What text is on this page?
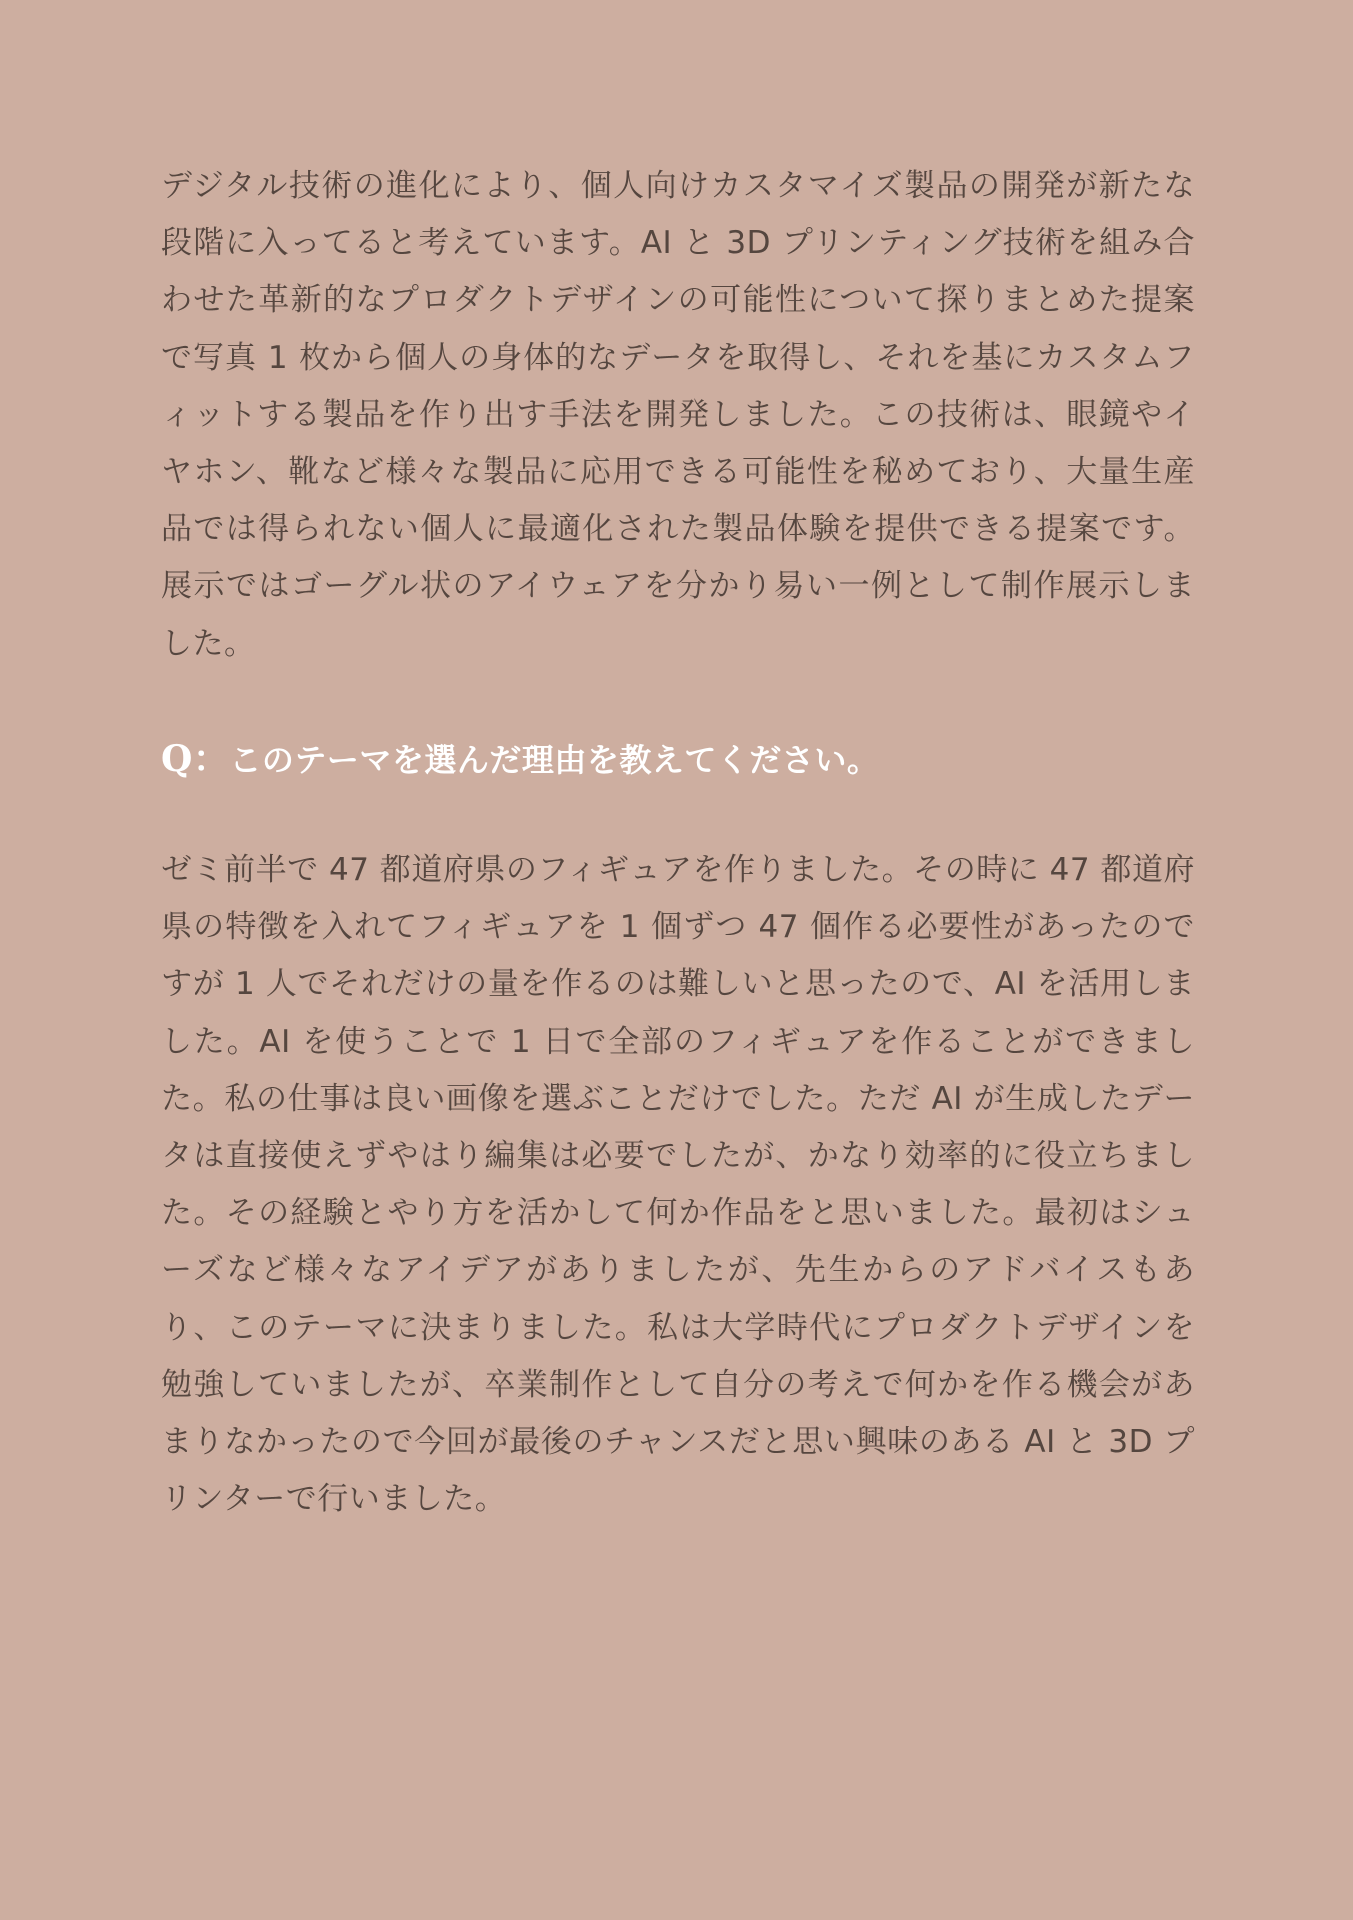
デジタル技術の進化により、個人向けカスタマイズ製品の開発が新たな段階に入ってると考えています。AI と 3D プリンティング技術を組み合わせた革新的なプロダクトデザインの可能性について探りまとめた提案で写真 1 枚から個人の身体的なデータを取得し、それを基にカスタムフィットする製品を作り出す手法を開発しました。この技術は、眼鏡やイヤホン、靴など様々な製品に応用できる可能性を秘めており、大量生産品では得られない個人に最適化された製品体験を提供できる提案です。展示ではゴーグル状のアイウェアを分かり易い一例として制作展示しました。

Q：このテーマを選んだ理由を教えてください。

ゼミ前半で 47 都道府県のフィギュアを作りました。その時に 47 都道府県の特徴を入れてフィギュアを 1 個ずつ 47 個作る必要性があったのですが 1 人でそれだけの量を作るのは難しいと思ったので、AI を活用しました。AI を使うことで 1 日で全部のフィギュアを作ることができました。私の仕事は良い画像を選ぶことだけでした。ただ AI が生成したデータは直接使えずやはり編集は必要でしたが、かなり効率的に役立ちました。その経験とやり方を活かして何か作品をと思いました。最初はシューズなど様々なアイデアがありましたが、先生からのアドバイスもあり、このテーマに決まりました。私は大学時代にプロダクトデザインを勉強していましたが、卒業制作として自分の考えで何かを作る機会があまりなかったので今回が最後のチャンスだと思い興味のある AI と 3D プリンターで行いました。
